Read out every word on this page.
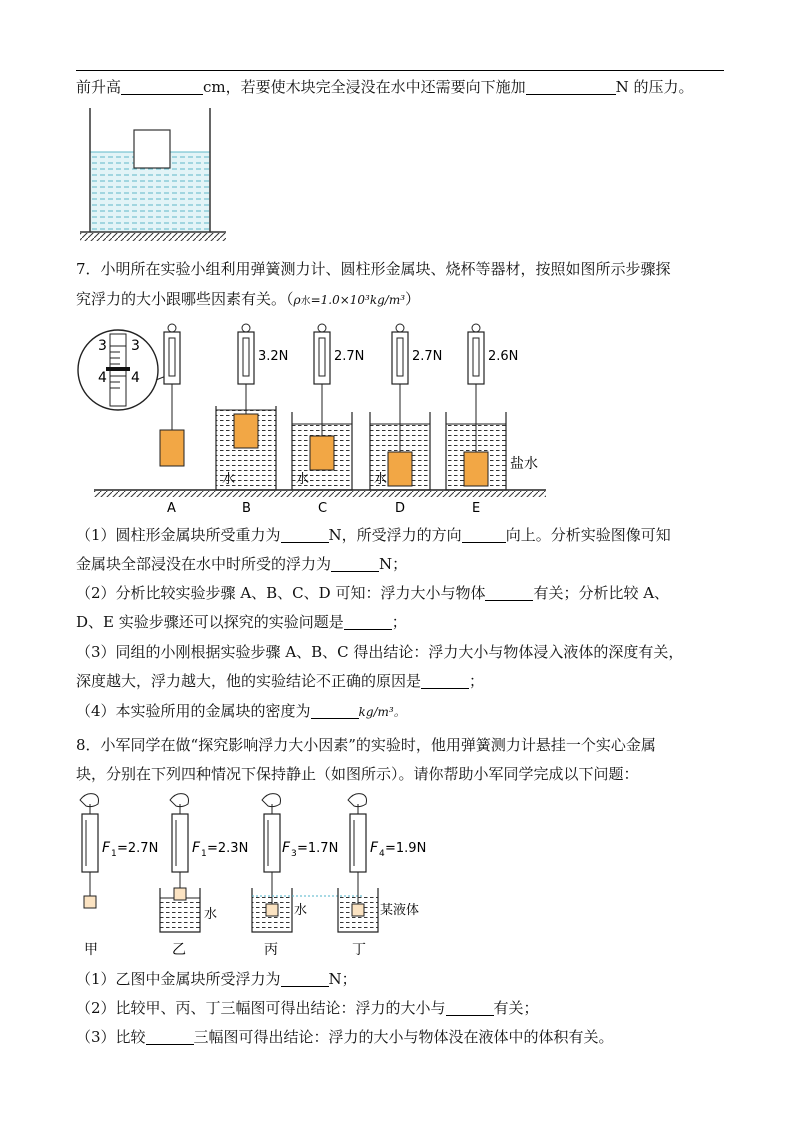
前升高	cm，若要使木块完全浸没在水中还需要向下施加	N 的压力。
7．小明所在实验小组利用弹簧测力计、圆柱形金属块、烧杯等器材，按照如图所示步骤探
究浮力的大小跟哪些因素有关。（ρ水=1.0×10³kg/m³）
3 3
4 4
3.2N
水
2.7N
水
2.7N
水
2.6N
盐水
A	B	C	D	E
（1）圆柱形金属块所受重力为	N，所受浮力的方向	向上。分析实验图像可知
金属块全部浸没在水中时所受的浮力为	N；
（2）分析比较实验步骤 A、B、C、D 可知：浮力大小与物体	有关；分析比较 A、
D、E 实验步骤还可以探究的实验问题是	；
（3）同组的小刚根据实验步骤 A、B、C 得出结论：浮力大小与物体浸入液体的深度有关，
深度越大，浮力越大，他的实验结论不正确的原因是	；
（4）本实验所用的金属块的密度为	kg/m³。
8．小军同学在做“探究影响浮力大小因素”的实验时，他用弹簧测力计悬挂一个实心金属
块，分别在下列四种情况下保持静止（如图所示）。请你帮助小军同学完成以下问题：
F 1 =2.7N
甲
F 1 =2.3N
水
乙
F 3 =1.7N
水
丙
F 4 =1.9N
某液体
丁
（1）乙图中金属块所受浮力为	N；
（2）比较甲、丙、丁三幅图可得出结论：浮力的大小与	有关；
（3）比较	三幅图可得出结论：浮力的大小与物体没在液体中的体积有关。
